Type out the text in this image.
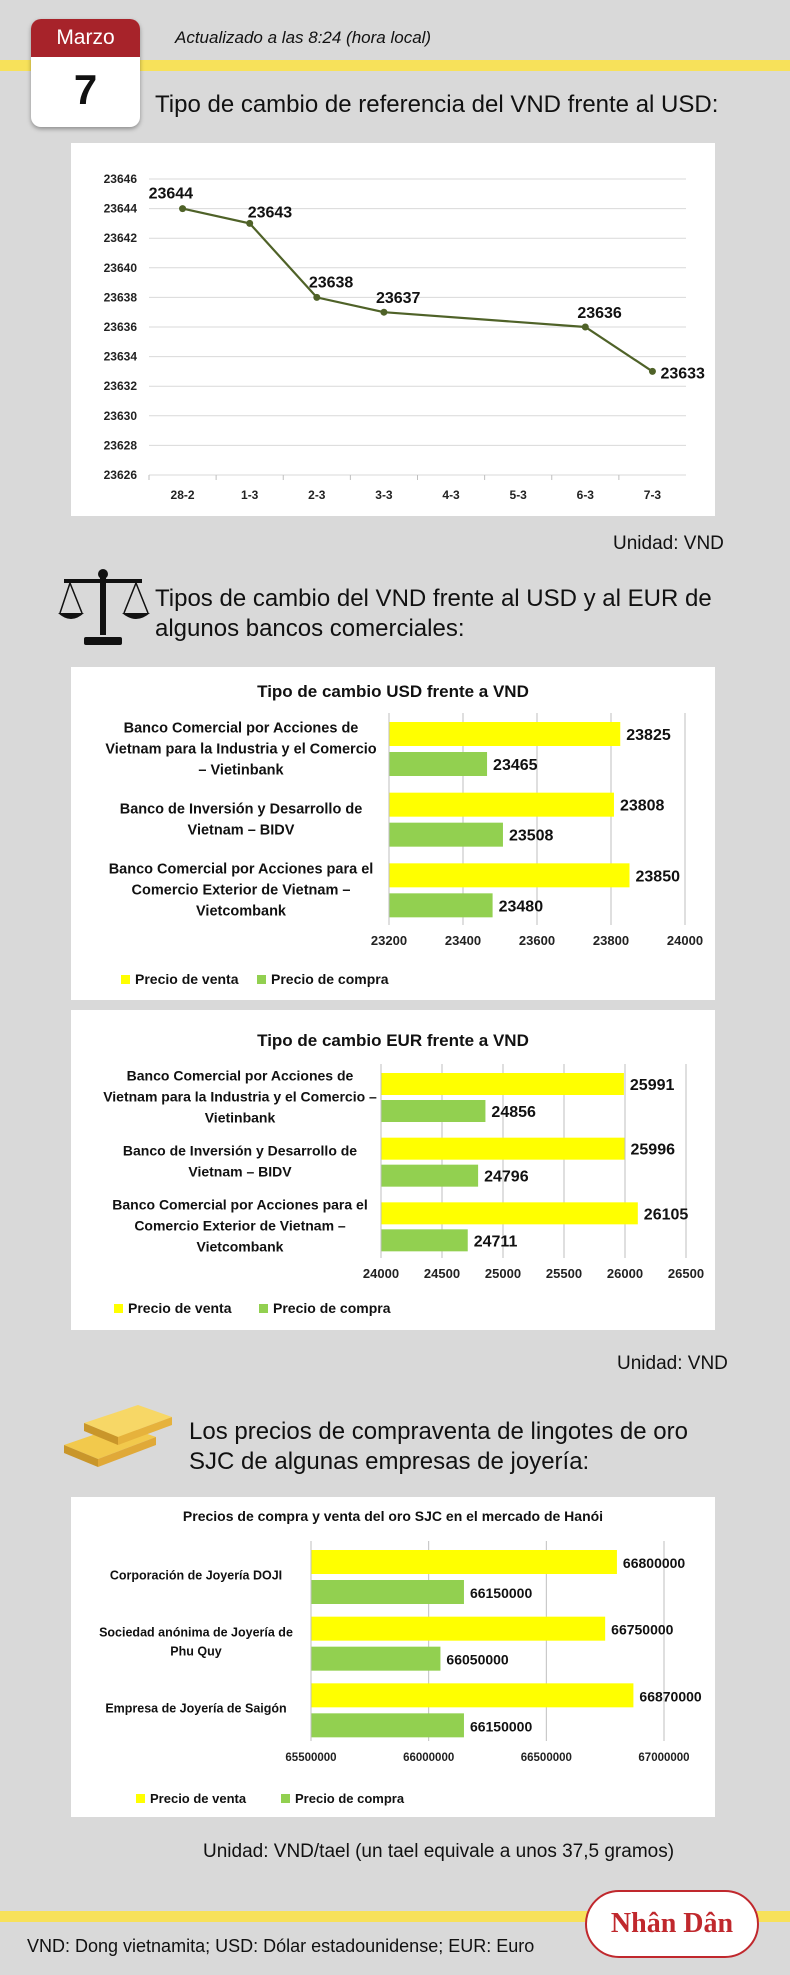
Marzo
7
Actualizado a las 8:24 (hora local)
Tipo de cambio de referencia del VND frente al USD:
23626
23628
23630
23632
23634
23636
23638
23640
23642
23644
23646
28-2	1-3	2-3	3-3	4-3	5-3	6-3	7-3
23644
23643
23638
23637
23636
23633
Unidad: VND
Tipos de cambio del VND frente al USD y al EUR de
algunos bancos comerciales:
Tipo de cambio USD frente a VND
23200	23400	23600	23800	24000
Banco Comercial por Acciones de
Vietnam para la Industria y el Comercio
– Vietinbank
23825
23465
Banco de Inversión y Desarrollo de
Vietnam – BIDV
23808
23508
Banco Comercial por Acciones para el
Comercio Exterior de Vietnam –
Vietcombank
23850
23480
Precio de venta Precio de compra
Tipo de cambio EUR frente a VND
24000 24500 25000 25500 26000 26500
Banco Comercial por Acciones de
Vietnam para la Industria y el Comercio –
Vietinbank
25991
24856
Banco de Inversión y Desarrollo de
Vietnam – BIDV
25996
24796
Banco Comercial por Acciones para el
Comercio Exterior de Vietnam –
Vietcombank
26105
24711
Precio de venta	Precio de compra
Unidad: VND
Los precios de compraventa de lingotes de oro
SJC de algunas empresas de joyería:
Precios de compra y venta del oro SJC en el mercado de Hanói
65500000	66000000	66500000	67000000
Corporación de Joyería DOJI
66800000
66150000
Sociedad anónima de Joyería de
Phu Quy
66750000
66050000
Empresa de Joyería de Saigón
66870000
66150000
Precio de venta	Precio de compra
Unidad: VND/tael (un tael equivale a unos 37,5 gramos)
VND: Dong vietnamita; USD: Dólar estadounidense; EUR: Euro
Nhân Dân
